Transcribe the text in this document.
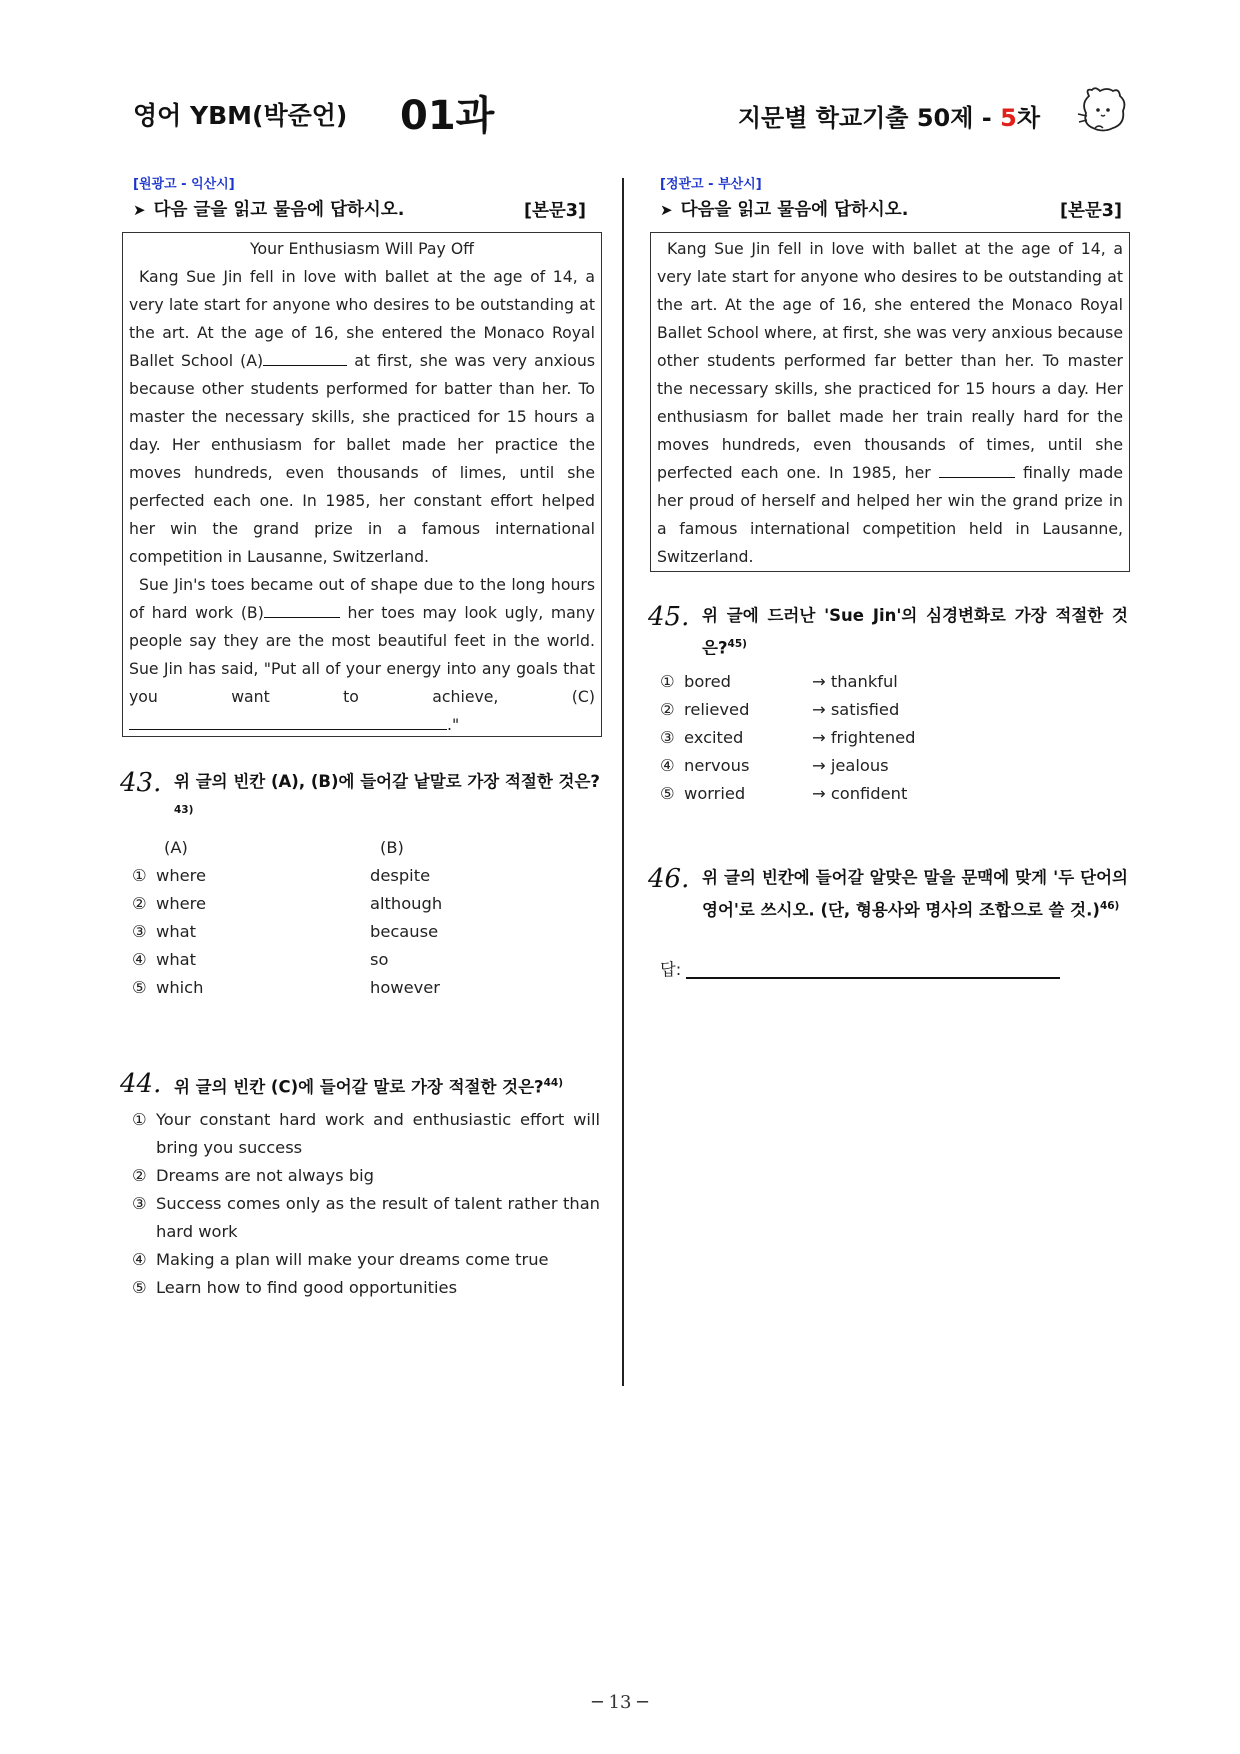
영어 YBM(박준언) 01과	지문별 학교기출 50제 - 5차
[원광고 - 익산시]
➤ 다음 글을 읽고 물음에 답하시오.	[본문3]

Your Enthusiasm Will Pay Off

Kang Sue Jin fell in love with ballet at the age of 14, a very late start for anyone who desires to be outstanding at the art. At the age of 16, she entered the Monaco Royal Ballet School (A)	at first, she was very anxious because other students performed for batter than her. To master the necessary skills, she practiced for 15 hours a day. Her enthusiasm for ballet made her practice the moves hundreds, even thousands of limes, until she perfected each one. In 1985, her constant effort helped her win the grand prize in a famous international competition in Lausanne, Switzerland.

Sue Jin's toes became out of shape due to the long hours of hard work (B)	her toes may look ugly, many people say they are the most beautiful feet in the world. Sue Jin has said, "Put all of your energy into any goals that you want to achieve, (C)."

43. 위 글의 빈칸 (A), (B)에 들어갈 낱말로 가장 적절한 것은?$^{43)}$
(A)	(B)
① where	despite
② where	although
③ what	because
④ what	so
⑤ which	however
44. 위 글의 빈칸 (C)에 들어갈 말로 가장 적절한 것은?$^{44)}$
① Your constant hard work and enthusiastic effort will bring you success
② Dreams are not always big
③ Success comes only as the result of talent rather than hard work
④ Making a plan will make your dreams come true
⑤ Learn how to find good opportunities
[정관고 - 부산시]
➤ 다음을 읽고 물음에 답하시오.	[본문3]

Kang Sue Jin fell in love with ballet at the age of 14, a very late start for anyone who desires to be outstanding at the art. At the age of 16, she entered the Monaco Royal Ballet School where, at first, she was very anxious because other students performed far better than her. To master the necessary skills, she practiced for 15 hours a day. Her enthusiasm for ballet made her train really hard for the moves hundreds, even thousands of times, until she perfected each one. In 1985, her	finally made her proud of herself and helped her win the grand prize in a famous international competition held in Lausanne, Switzerland.

45. 위 글에 드러난 'Sue Jin'의 심경변화로 가장 적절한 것은?$^{45)}$
① bored	→ thankful
② relieved	→ satisfied
③ excited	→ frightened
④ nervous	→ jealous
⑤ worried	→ confident
46. 위 글의 빈칸에 들어갈 알맞은 말을 문맥에 맞게 '두 단어의 영어'로 쓰시오. (단, 형용사와 명사의 조합으로 쓸 것.)$^{46)}$
답:
─ 13 ─
